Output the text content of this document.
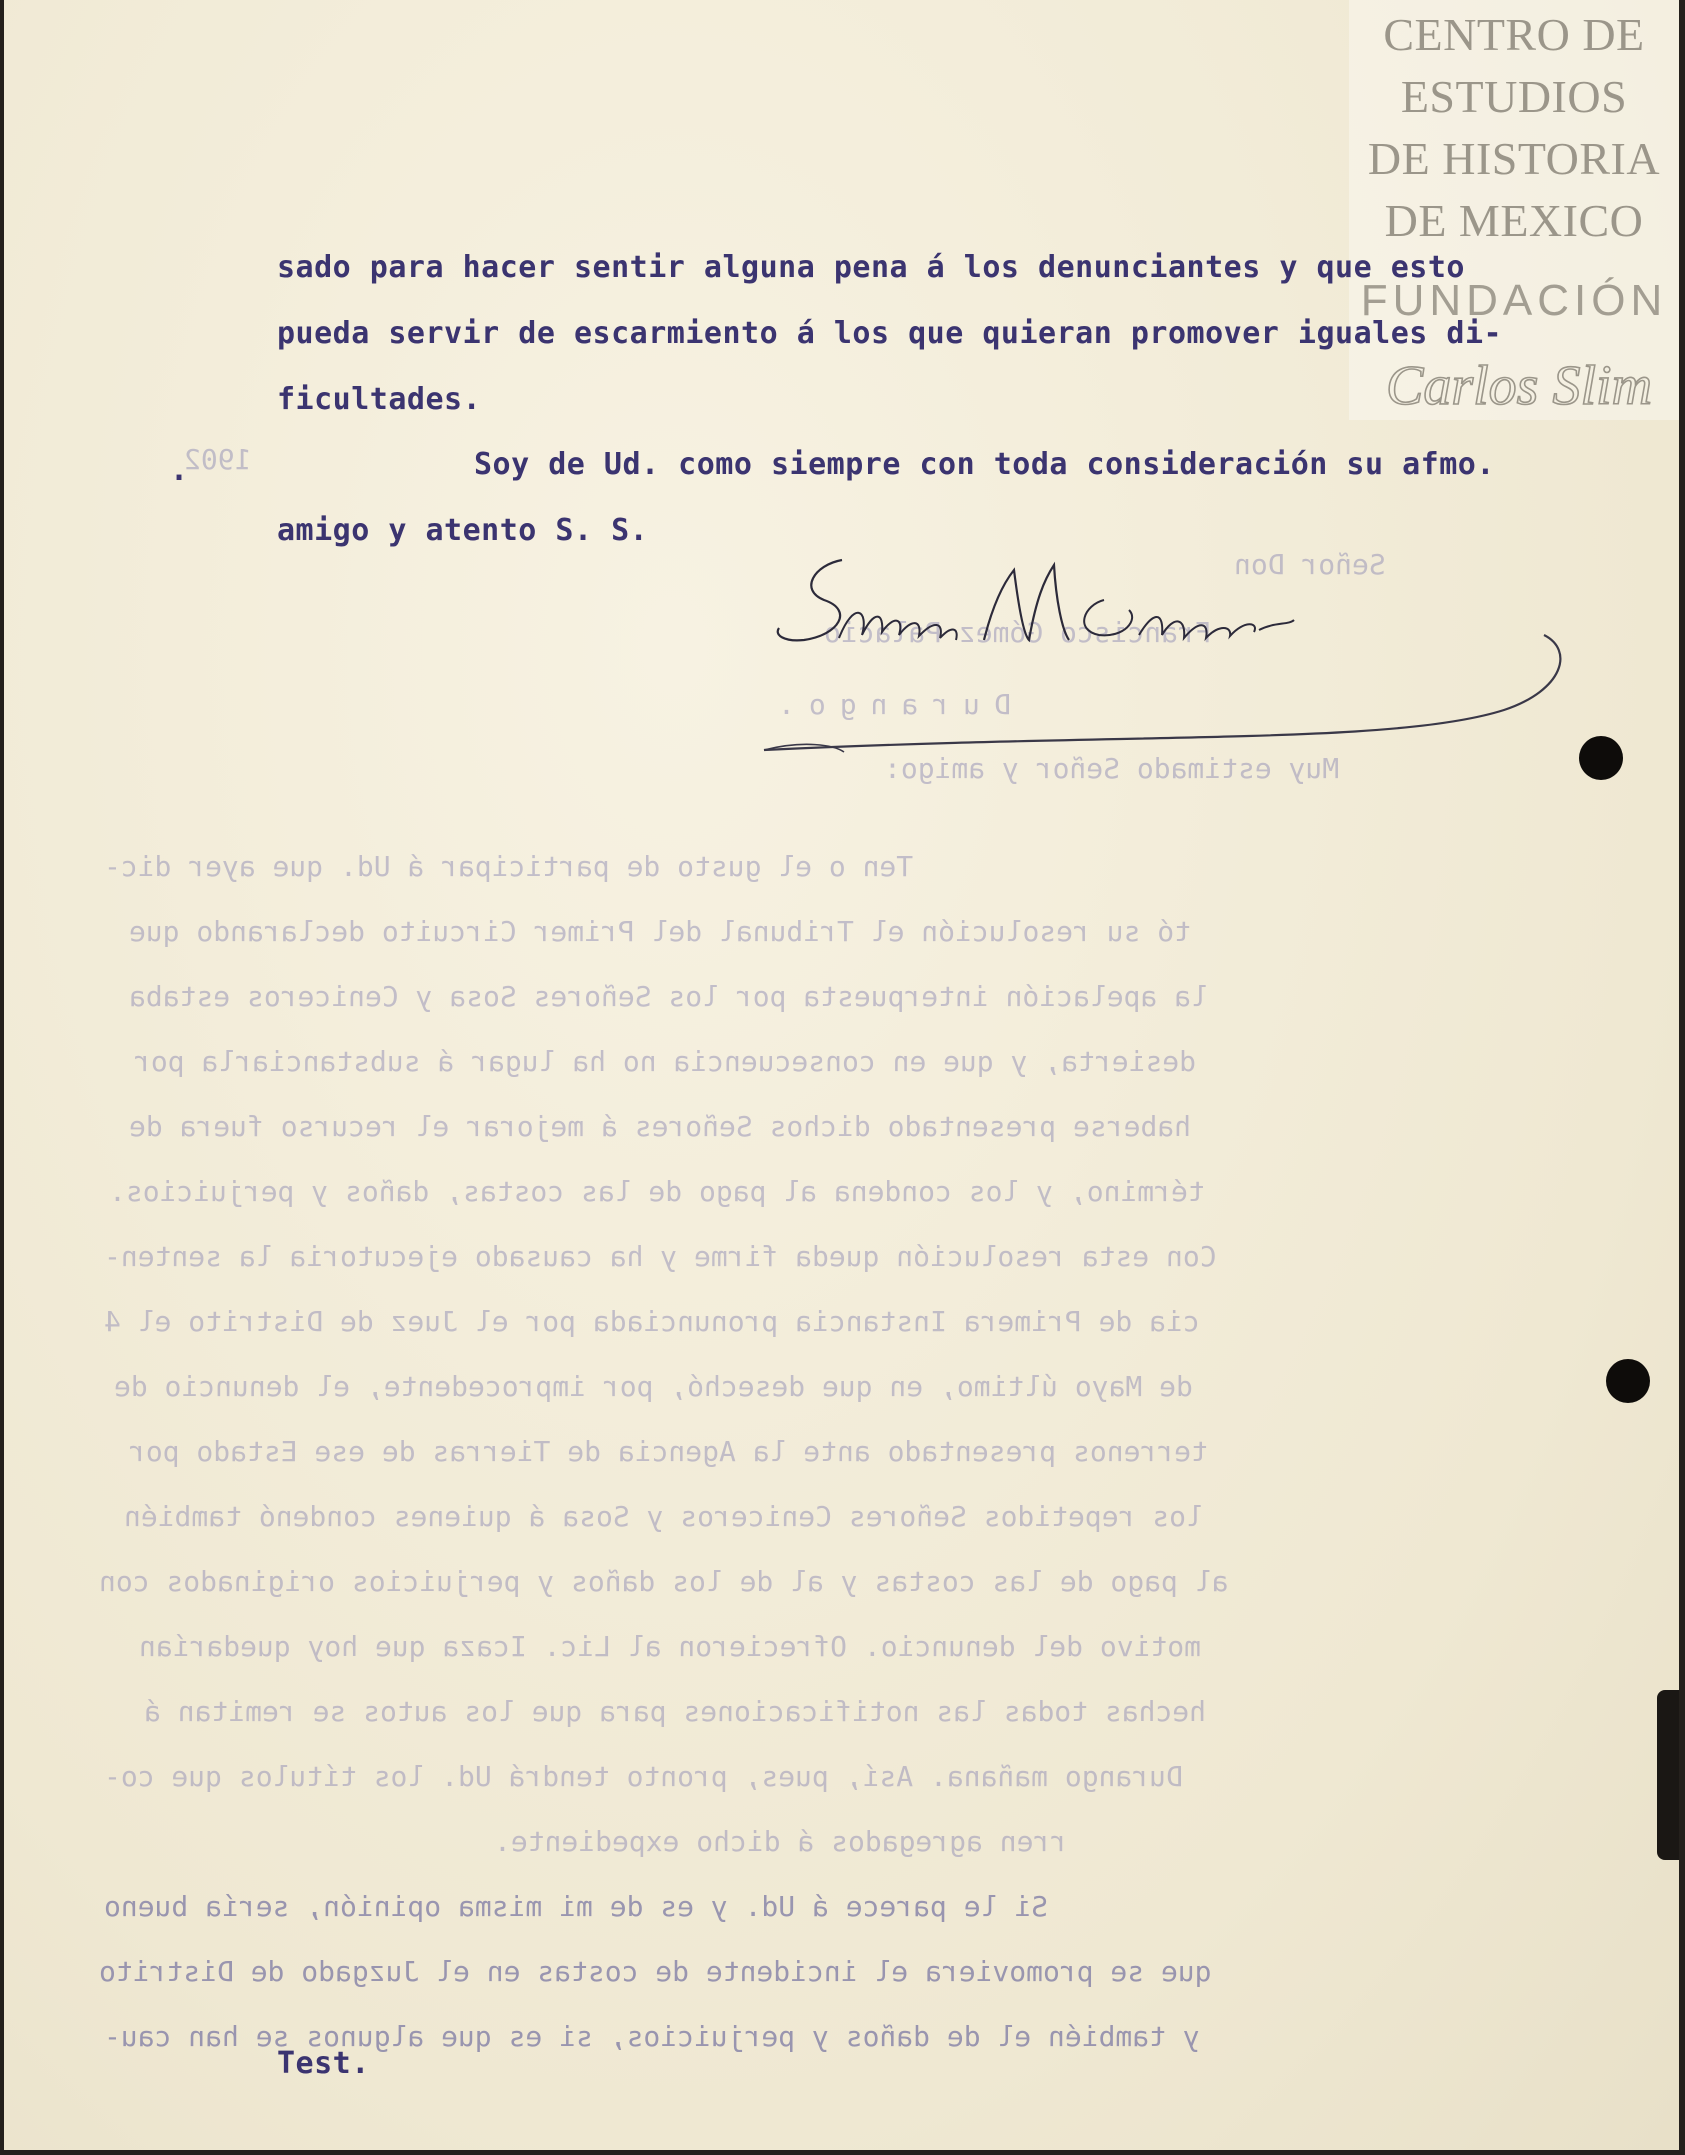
Señor Don

Francisco Gómez Palacio

Durango.

Muy estimado Señor y amigo:

1902

Ten o el gusto de participar á Ud. que ayer dic-

tó su resolución el Tribunal del Primer Circuito declarando que

la apelación interpuesta por los Señores Sosa y Ceniceros estaba

desierta, y que en consecuencia no ha lugar á substanciarla por

haberse presentado dichos Señores á mejorar el recurso fuera de

término, y los condena al pago de las costas, daños y perjuicios.

Con esta resolución queda firme y ha causado ejecutoria la senten-

cia de Primera Instancia pronunciada por el Juez de Distrito el 4

de Mayo último, en que desechó, por improcedente, el denuncio de

terrenos presentado ante la Agencia de Tierras de ese Estado por

los repetidos Señores Ceniceros y Sosa á quienes condenó también

al pago de las costas y al de los daños y perjuicios originados con

motivo del denuncio. Ofrecieron al Lic. Icaza que hoy quedarían

hechas todas las notificaciones para que los autos se remitan á

Durango mañana. Así, pues, pronto tendrá Ud. los títulos que co-

rren agregados á dicho expediente.

Si le parece á Ud. y es de mi misma opinión, sería bueno

que se promoviera el incidente de costas en el Juzgado de Distrito

y también el de daños y perjuicios, si es que algunos se han cau-

CENTRO DE
ESTUDIOS
DE HISTORIA
DE MEXICO
FUNDACIÓN
Carlos Slim

sado para hacer sentir alguna pena á los denunciantes y que esto

pueda servir de escarmiento á los que quieran promover iguales di-

ficultades.

Soy de Ud. como siempre con toda consideración su afmo.

amigo y atento S. S.

.

Test.
